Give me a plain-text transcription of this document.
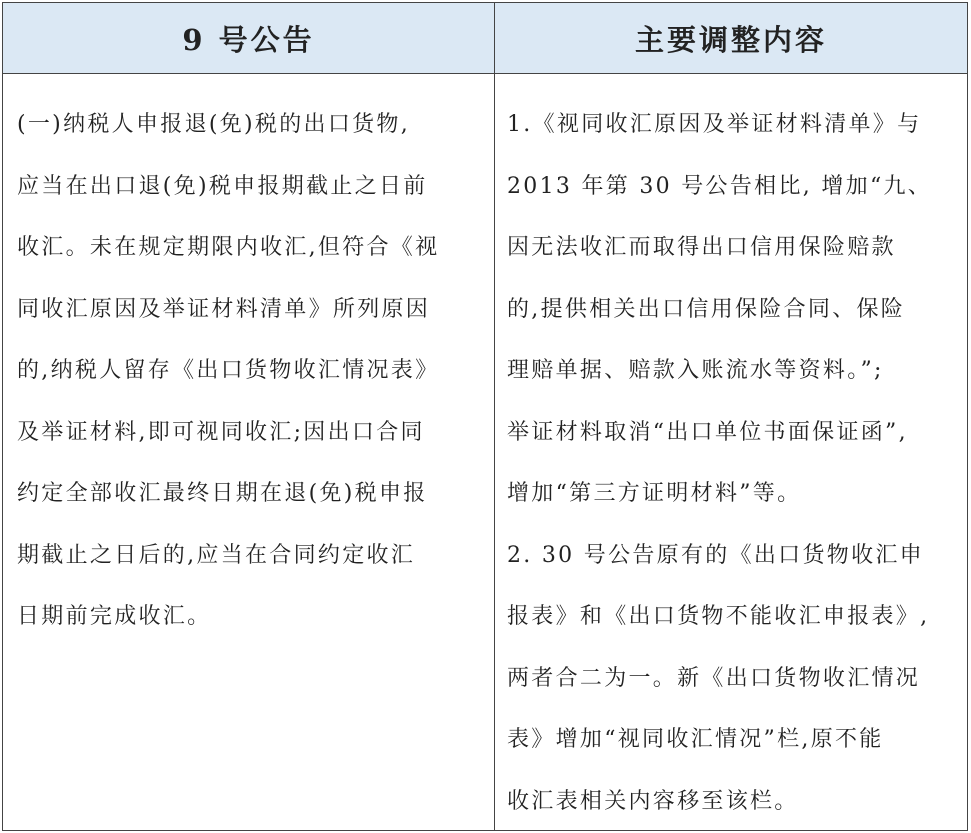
9 号公告	主要调整内容
(一)纳税人申报退(免)税的出口货物,
应当在出口退(免)税申报期截止之日前
收汇。未在规定期限内收汇,但符合《视
同收汇原因及举证材料清单》所列原因
的,纳税人留存《出口货物收汇情况表》
及举证材料,即可视同收汇;因出口合同
约定全部收汇最终日期在退(免)税申报
期截止之日后的,应当在合同约定收汇
日期前完成收汇。
1.《视同收汇原因及举证材料清单》与
2013 年第 30 号公告相比, 增加“九、
因无法收汇而取得出口信用保险赔款
的,提供相关出口信用保险合同、保险
理赔单据、赔款入账流水等资料。”;
举证材料取消“出口单位书面保证函”,
增加“第三方证明材料”等。
2. 30 号公告原有的《出口货物收汇申
报表》和《出口货物不能收汇申报表》,
两者合二为一。新《出口货物收汇情况
表》增加“视同收汇情况”栏,原不能
收汇表相关内容移至该栏。
